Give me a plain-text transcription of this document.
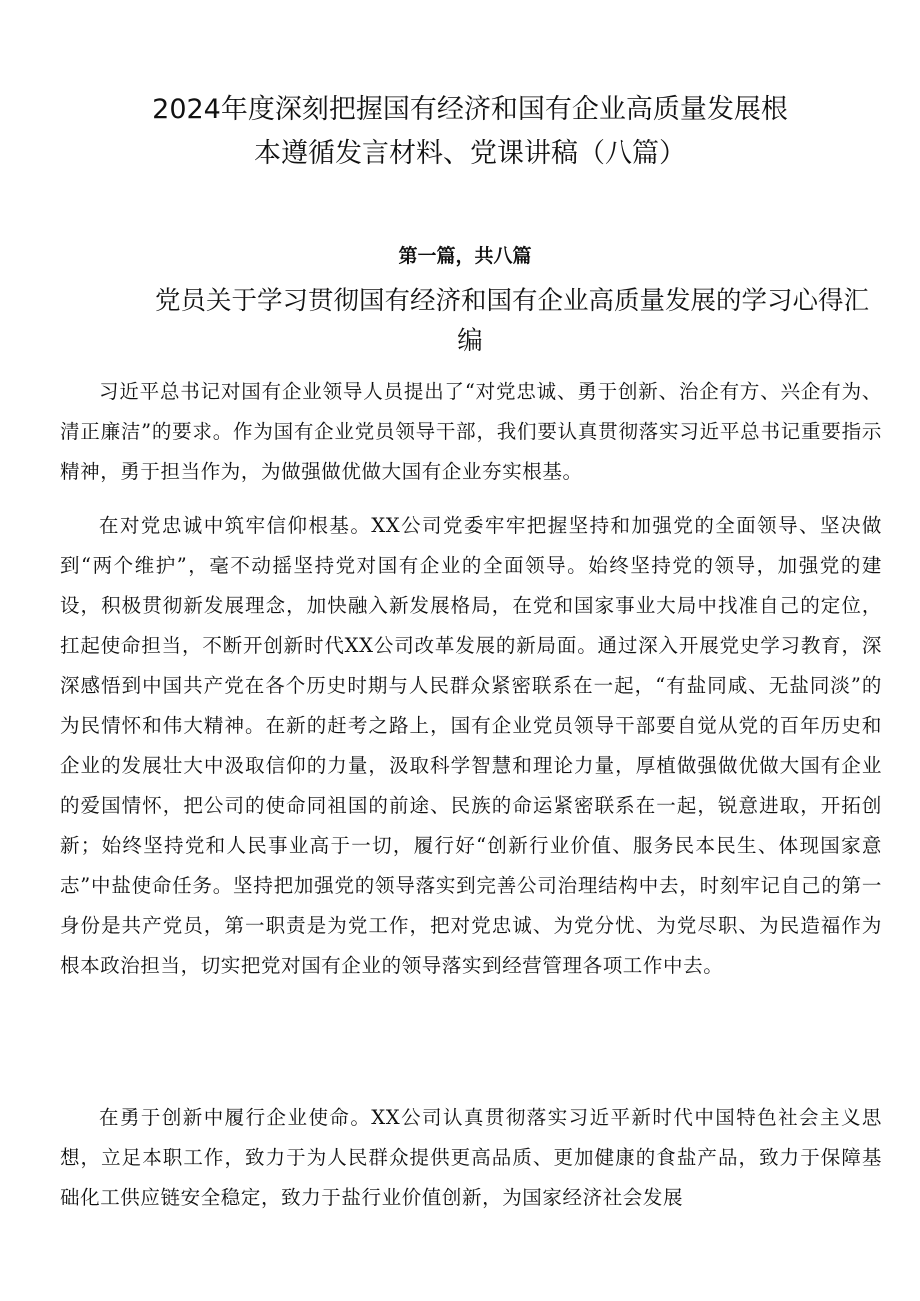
2024年度深刻把握国有经济和国有企业高质量发展根
本遵循发言材料、党课讲稿（八篇）

第一篇，共八篇

党员关于学习贯彻国有经济和国有企业高质量发展的学习心得汇编

习近平总书记对国有企业领导人员提出了“对党忠诚、勇于创新、治企有方、兴企有为、清正廉洁”的要求。作为国有企业党员领导干部，我们要认真贯彻落实习近平总书记重要指示精神，勇于担当作为，为做强做优做大国有企业夯实根基。

在对党忠诚中筑牢信仰根基。XX公司党委牢牢把握坚持和加强党的全面领导、坚决做到“两个维护”，毫不动摇坚持党对国有企业的全面领导。始终坚持党的领导，加强党的建设，积极贯彻新发展理念，加快融入新发展格局，在党和国家事业大局中找准自己的定位，扛起使命担当，不断开创新时代XX公司改革发展的新局面。通过深入开展党史学习教育，深深感悟到中国共产党在各个历史时期与人民群众紧密联系在一起，“有盐同咸、无盐同淡”的为民情怀和伟大精神。在新的赶考之路上，国有企业党员领导干部要自觉从党的百年历史和企业的发展壮大中汲取信仰的力量，汲取科学智慧和理论力量，厚植做强做优做大国有企业的爱国情怀，把公司的使命同祖国的前途、民族的命运紧密联系在一起，锐意进取，开拓创新；始终坚持党和人民事业高于一切，履行好“创新行业价值、服务民本民生、体现国家意志”中盐使命任务。坚持把加强党的领导落实到完善公司治理结构中去，时刻牢记自己的第一身份是共产党员，第一职责是为党工作，把对党忠诚、为党分忧、为党尽职、为民造福作为根本政治担当，切实把党对国有企业的领导落实到经营管理各项工作中去。

在勇于创新中履行企业使命。XX公司认真贯彻落实习近平新时代中国特色社会主义思想，立足本职工作，致力于为人民群众提供更高品质、更加健康的食盐产品，致力于保障基础化工供应链安全稳定，致力于盐行业价值创新，为国家经济社会发展
